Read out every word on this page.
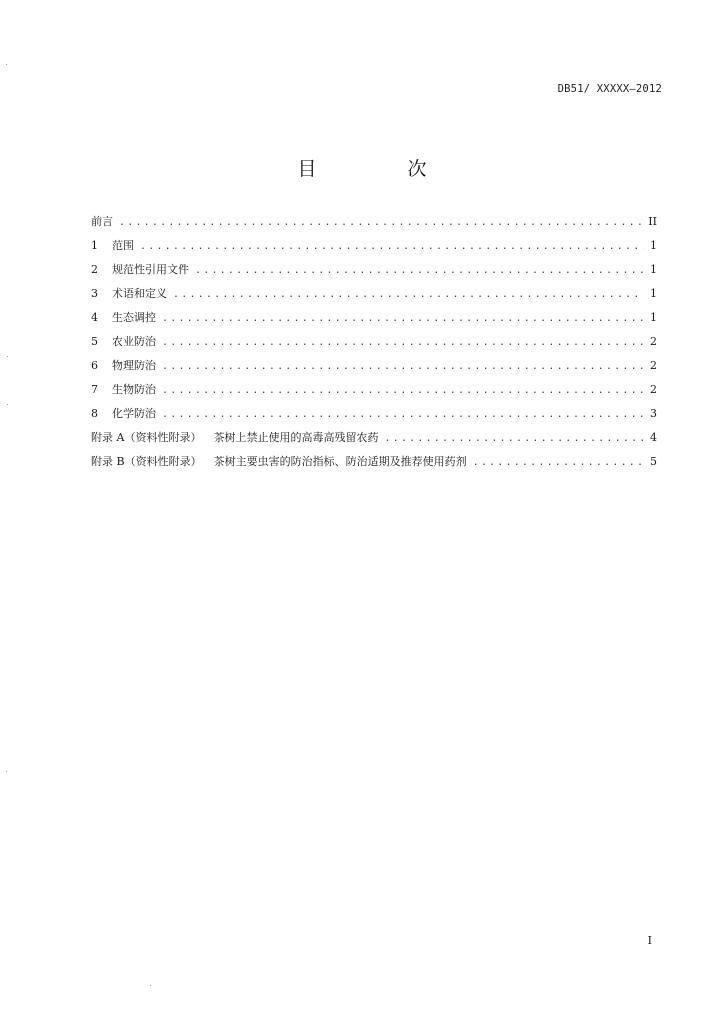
DB51/ XXXXX—2012
目　次
前言 .....	II
1	范围 .....	1
2	规范性引用文件 .....	1
3	术语和定义 .....	1
4	生态调控 .....	1
5	农业防治 .....	2
6	物理防治 .....	2
7	生物防治 .....	2
8	化学防治 .....	3
附录 A（资料性附录）	茶树上禁止使用的高毒高残留农药 .....	4
附录 B（资料性附录）	茶树主要虫害的防治指标、防治适期及推荐使用药剂 .....	5
I
